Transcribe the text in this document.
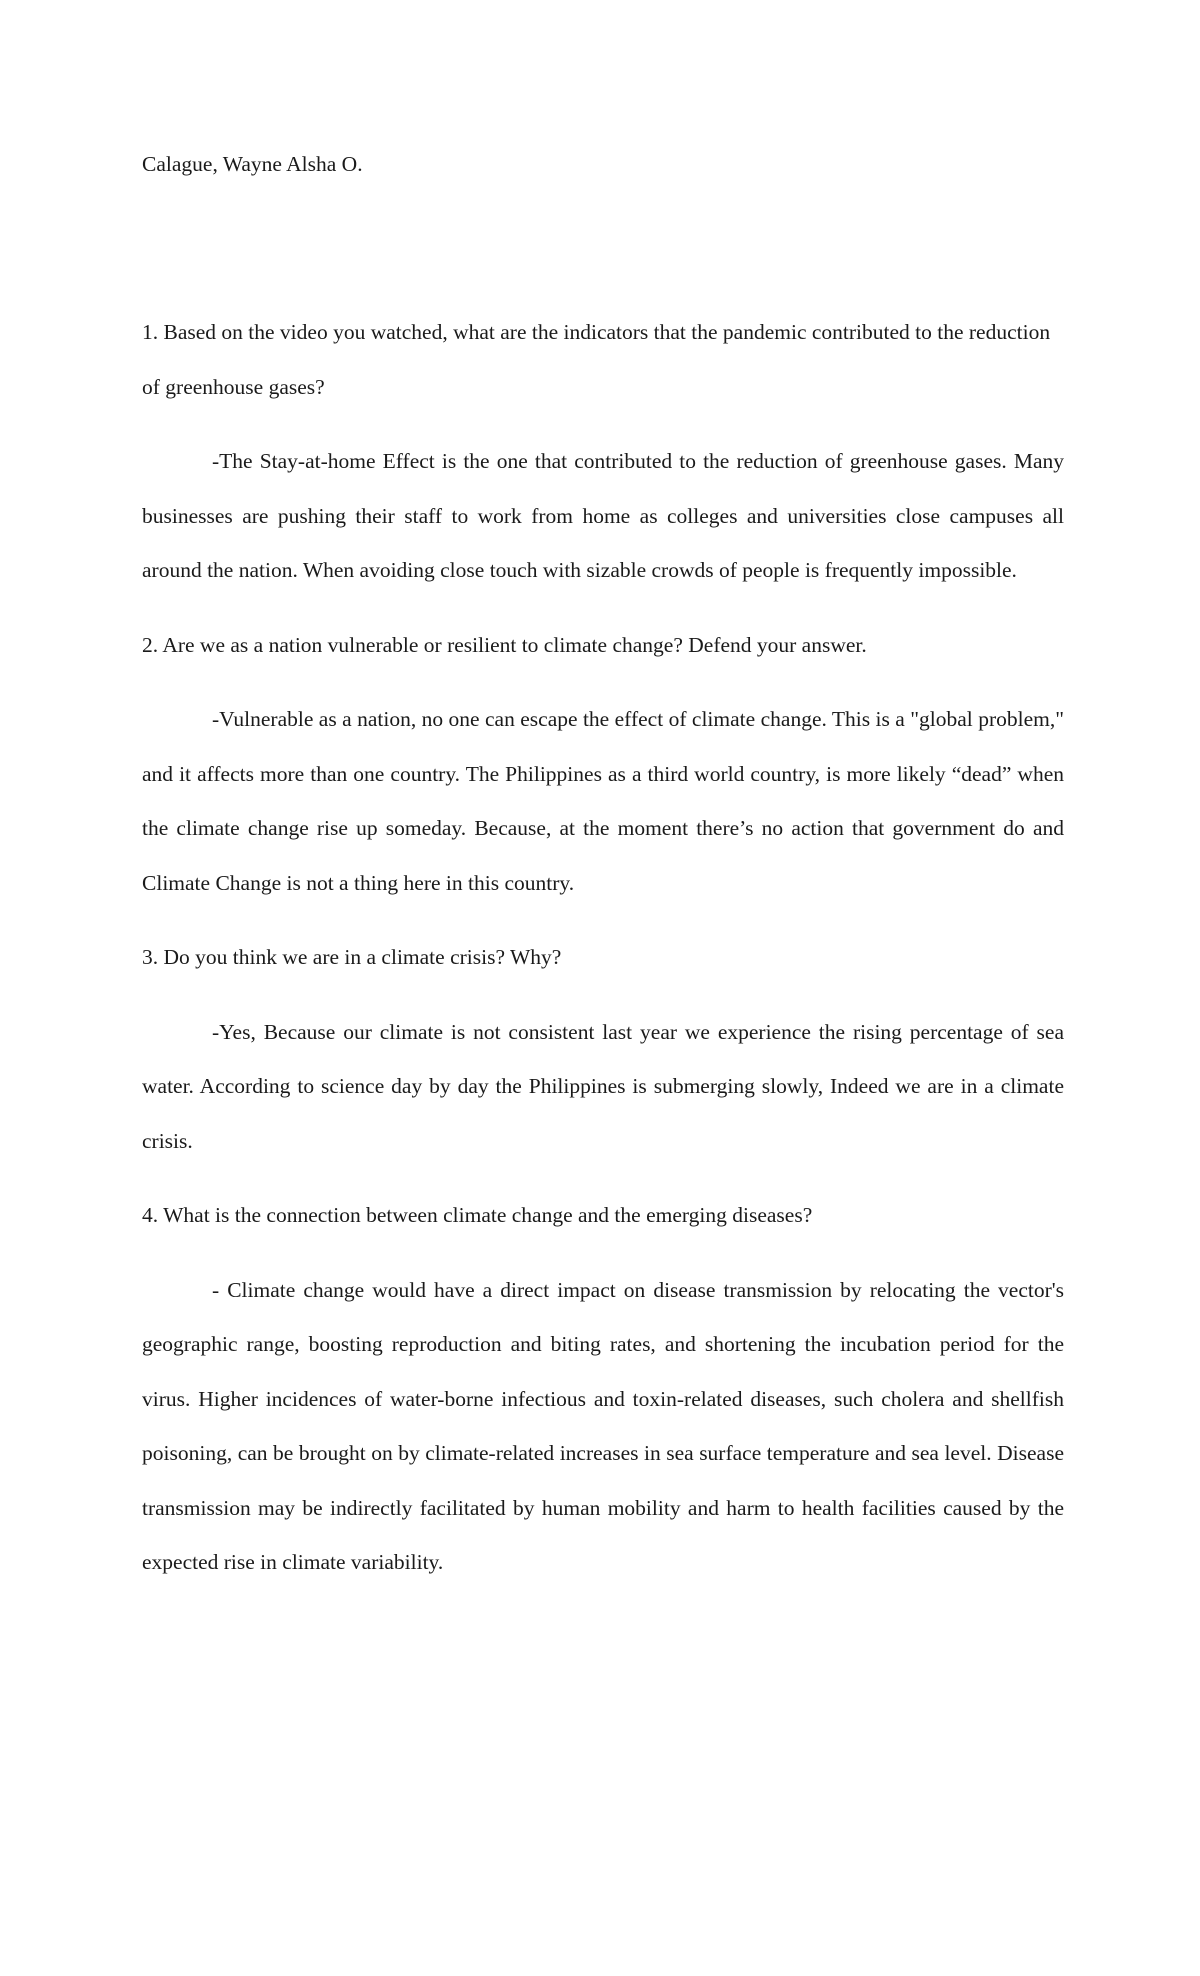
Calague, Wayne Alsha O.

1. Based on the video you watched, what are the indicators that the pandemic contributed to the reduction of greenhouse gases?

-The Stay-at-home Effect is the one that contributed to the reduction of greenhouse gases. Many businesses are pushing their staff to work from home as colleges and universities close campuses all around the nation. When avoiding close touch with sizable crowds of people is frequently impossible.

2. Are we as a nation vulnerable or resilient to climate change? Defend your answer.

-Vulnerable as a nation, no one can escape the effect of climate change. This is a "global problem," and it affects more than one country. The Philippines as a third world country, is more likely “dead” when the climate change rise up someday. Because, at the moment there’s no action that government do and Climate Change is not a thing here in this country.

3. Do you think we are in a climate crisis? Why?

-Yes, Because our climate is not consistent last year we experience the rising percentage of sea water. According to science day by day the Philippines is submerging slowly, Indeed we are in a climate crisis.

4. What is the connection between climate change and the emerging diseases?

- Climate change would have a direct impact on disease transmission by relocating the vector's geographic range, boosting reproduction and biting rates, and shortening the incubation period for the virus. Higher incidences of water-borne infectious and toxin-related diseases, such cholera and shellfish poisoning, can be brought on by climate-related increases in sea surface temperature and sea level. Disease transmission may be indirectly facilitated by human mobility and harm to health facilities caused by the expected rise in climate variability.
